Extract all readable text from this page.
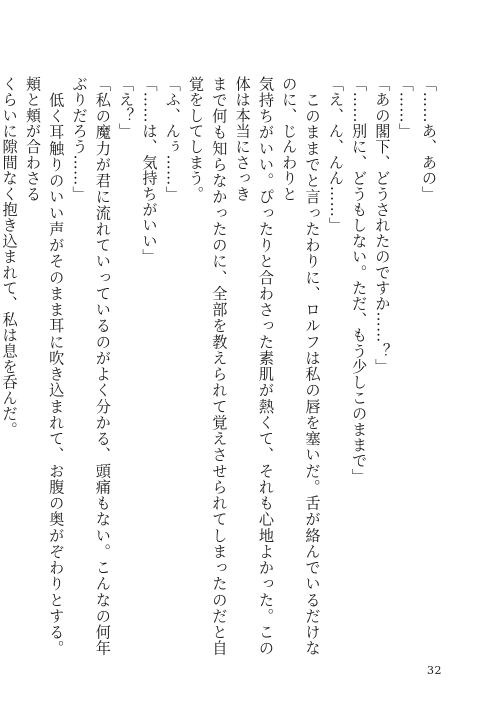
「……あ、あの」

「……」

「あの閣下、どうされたのですか……？」

「……別に、どうもしない。ただ、もう少しこのままで」

「え、ん、んん……」

　このままでと言ったわりに、ロルフは私の唇を塞いだ。舌が絡んでいるだけなのに、じんわりと

気持ちがいい。ぴったりと合わさった素肌が熱くて、それも心地よかった。この体は本当にさっき

まで何も知らなかったのに、全部を教えられて覚えさせられてしまったのだと自覚をしてしまう。

「ふ、んぅ……」

「……は、気持ちがいい」

「え？」

「私の魔力が君に流れていっているのがよく分かる、頭痛もない。こんなの何年ぶりだろう……」

　低く耳触りのいい声がそのまま耳に吹き込まれて、お腹の奥がぞわりとする。頬と頬が合わさる

くらいに隙間なく抱き込まれて、私は息を呑んだ。

32
